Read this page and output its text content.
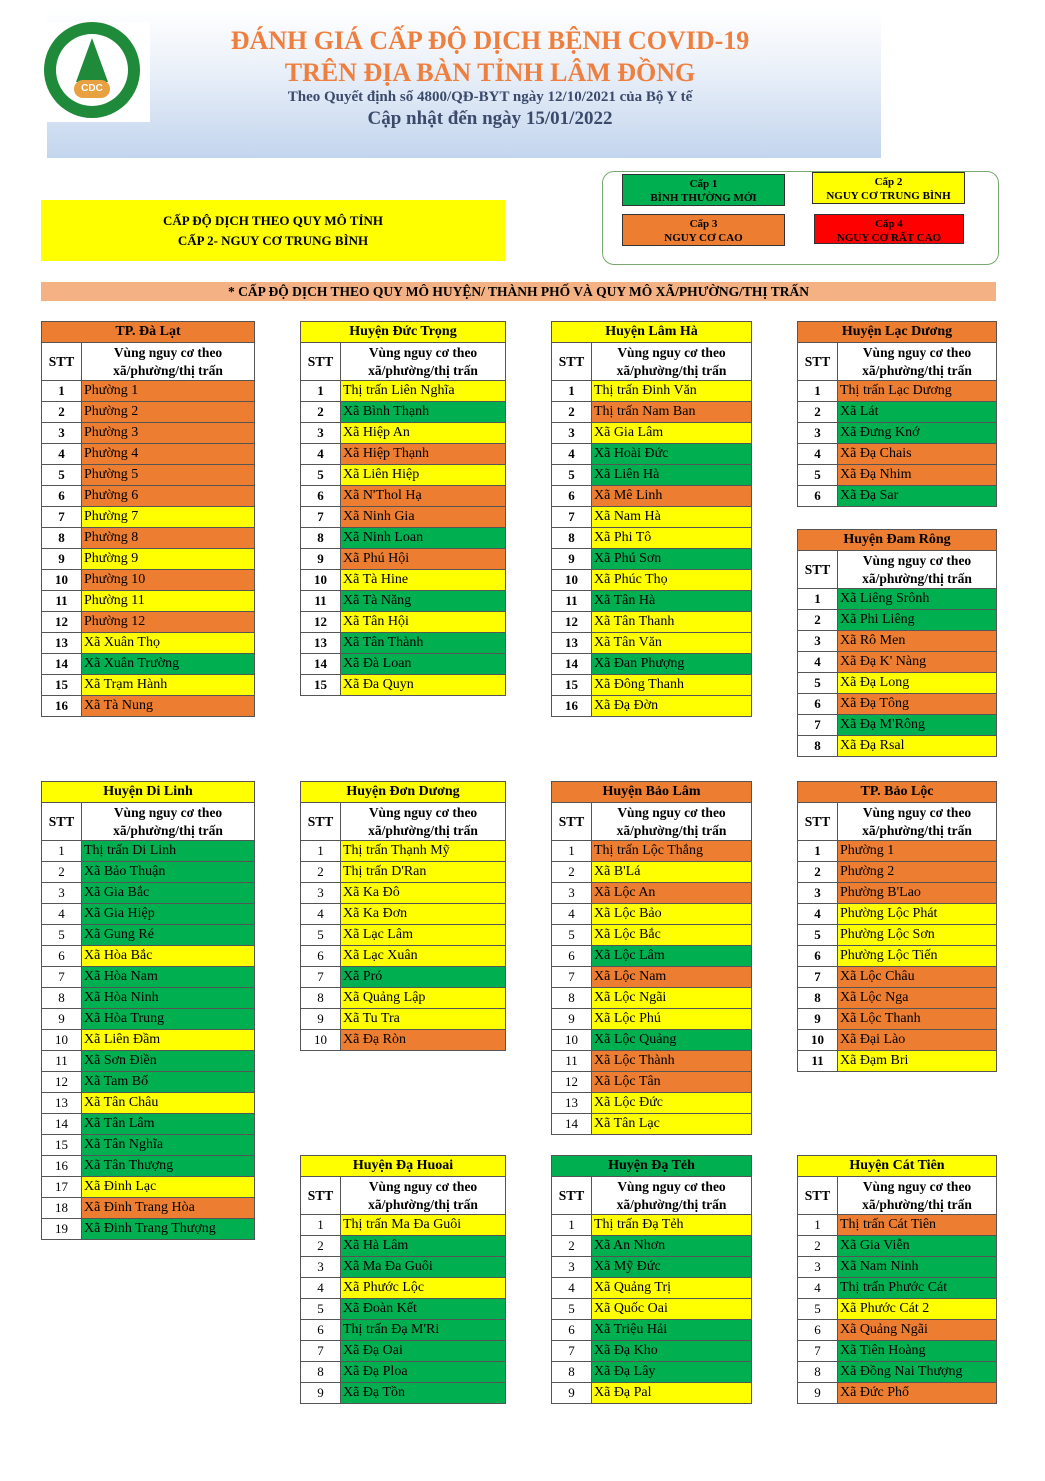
CDC
ĐÁNH GIÁ CẤP ĐỘ DỊCH BỆNH COVID-19
TRÊN ĐỊA BÀN TỈNH LÂM ĐỒNG
Theo Quyết định số 4800/QĐ-BYT ngày 12/10/2021 của Bộ Y tế
Cập nhật đến ngày 15/01/2022
CẤP ĐỘ DỊCH THEO QUY MÔ TỈNH
CẤP 2- NGUY CƠ TRUNG BÌNH
Cấp 1
BÌNH THƯỜNG MỚI
Cấp 2
NGUY CƠ TRUNG BÌNH
Cấp 3
NGUY CƠ CAO
Cấp 4
NGUY CƠ RẤT CAO
* CẤP ĐỘ DỊCH THEO QUY MÔ HUYỆN/ THÀNH PHỐ VÀ QUY MÔ XÃ/PHƯỜNG/THỊ TRẤN
TP. Đà Lạt	
STT	Vùng nguy cơ theo xã/phường/thị trấn
1	Phường 1
2	Phường 2
3	Phường 3
4	Phường 4
5	Phường 5
6	Phường 6
7	Phường 7
8	Phường 8
9	Phường 9
10	Phường 10
11	Phường 11
12	Phường 12
13	Xã Xuân Thọ
14	Xã Xuân Trường
15	Xã Trạm Hành
16	Xã Tà Nung
Huyện Đức Trọng	
STT	Vùng nguy cơ theo xã/phường/thị trấn
1	Thị trấn Liên Nghĩa
2	Xã Bình Thạnh
3	Xã Hiệp An
4	Xã Hiệp Thạnh
5	Xã Liên Hiệp
6	Xã N'Thol Hạ
7	Xã Ninh Gia
8	Xã Ninh Loan
9	Xã Phú Hội
10	Xã Tà Hine
11	Xã Tà Năng
12	Xã Tân Hội
13	Xã Tân Thành
14	Xã Đà Loan
15	Xã Đa Quyn
Huyện Lâm Hà	
STT	Vùng nguy cơ theo xã/phường/thị trấn
1	Thị trấn Đinh Văn
2	Thị trấn Nam Ban
3	Xã Gia Lâm
4	Xã Hoài Đức
5	Xã Liên Hà
6	Xã Mê Linh
7	Xã Nam Hà
8	Xã Phi Tô
9	Xã Phú Sơn
10	Xã Phúc Thọ
11	Xã Tân Hà
12	Xã Tân Thanh
13	Xã Tân Văn
14	Xã Đan Phượng
15	Xã Đông Thanh
16	Xã Đạ Đờn
Huyện Lạc Dương	
STT	Vùng nguy cơ theo xã/phường/thị trấn
1	Thị trấn Lạc Dương
2	Xã Lát
3	Xã Đưng Knớ
4	Xã Đạ Chais
5	Xã Đạ Nhim
6	Xã Đạ Sar
Huyện Đam Rông	
STT	Vùng nguy cơ theo xã/phường/thị trấn
1	Xã Liêng Srônh
2	Xã Phi Liêng
3	Xã Rô Men
4	Xã Đạ K' Nàng
5	Xã Đạ Long
6	Xã Đạ Tông
7	Xã Đạ M'Rông
8	Xã Đạ Rsal
Huyện Di Linh	
STT	Vùng nguy cơ theo xã/phường/thị trấn
1	Thị trấn Di Linh
2	Xã Bảo Thuận
3	Xã Gia Bắc
4	Xã Gia Hiệp
5	Xã Gung Ré
6	Xã Hòa Bắc
7	Xã Hòa Nam
8	Xã Hòa Ninh
9	Xã Hòa Trung
10	Xã Liên Đầm
11	Xã Sơn Điền
12	Xã Tam Bố
13	Xã Tân Châu
14	Xã Tân Lâm
15	Xã Tân Nghĩa
16	Xã Tân Thượng
17	Xã Đinh Lạc
18	Xã Đinh Trang Hòa
19	Xã Đinh Trang Thượng
Huyện Đơn Dương	
STT	Vùng nguy cơ theo xã/phường/thị trấn
1	Thị trấn Thạnh Mỹ
2	Thị trấn D'Ran
3	Xã Ka Đô
4	Xã Ka Đơn
5	Xã Lạc Lâm
6	Xã Lạc Xuân
7	Xã Pró
8	Xã Quảng Lập
9	Xã Tu Tra
10	Xã Đạ Ròn
Huyện Bảo Lâm	
STT	Vùng nguy cơ theo xã/phường/thị trấn
1	Thị trấn Lộc Thắng
2	Xã B'Lá
3	Xã Lộc An
4	Xã Lộc Bảo
5	Xã Lộc Bắc
6	Xã Lộc Lâm
7	Xã Lộc Nam
8	Xã Lộc Ngãi
9	Xã Lộc Phú
10	Xã Lộc Quảng
11	Xã Lộc Thành
12	Xã Lộc Tân
13	Xã Lộc Đức
14	Xã Tân Lạc
TP. Bảo Lộc	
STT	Vùng nguy cơ theo xã/phường/thị trấn
1	Phường 1
2	Phường 2
3	Phường B'Lao
4	Phường Lộc Phát
5	Phường Lộc Sơn
6	Phường Lộc Tiến
7	Xã Lộc Châu
8	Xã Lộc Nga
9	Xã Lộc Thanh
10	Xã Đại Lào
11	Xã Đạm Bri
Huyện Đạ Huoai	
STT	Vùng nguy cơ theo xã/phường/thị trấn
1	Thị trấn Ma Đa Guôi
2	Xã Hà Lâm
3	Xã Ma Đa Guôi
4	Xã Phước Lộc
5	Xã Đoàn Kết
6	Thị trấn Đạ M'Ri
7	Xã Đạ Oai
8	Xã Đạ Ploa
9	Xã Đạ Tồn
Huyện Đạ Tẻh	
STT	Vùng nguy cơ theo xã/phường/thị trấn
1	Thị trấn Đạ Tẻh
2	Xã An Nhơn
3	Xã Mỹ Đức
4	Xã Quảng Trị
5	Xã Quốc Oai
6	Xã Triệu Hải
7	Xã Đạ Kho
8	Xã Đạ Lây
9	Xã Đạ Pal
Huyện Cát Tiên	
STT	Vùng nguy cơ theo xã/phường/thị trấn
1	Thị trấn Cát Tiên
2	Xã Gia Viễn
3	Xã Nam Ninh
4	Thị trấn Phước Cát
5	Xã Phước Cát 2
6	Xã Quảng Ngãi
7	Xã Tiên Hoàng
8	Xã Đồng Nai Thượng
9	Xã Đức Phổ
